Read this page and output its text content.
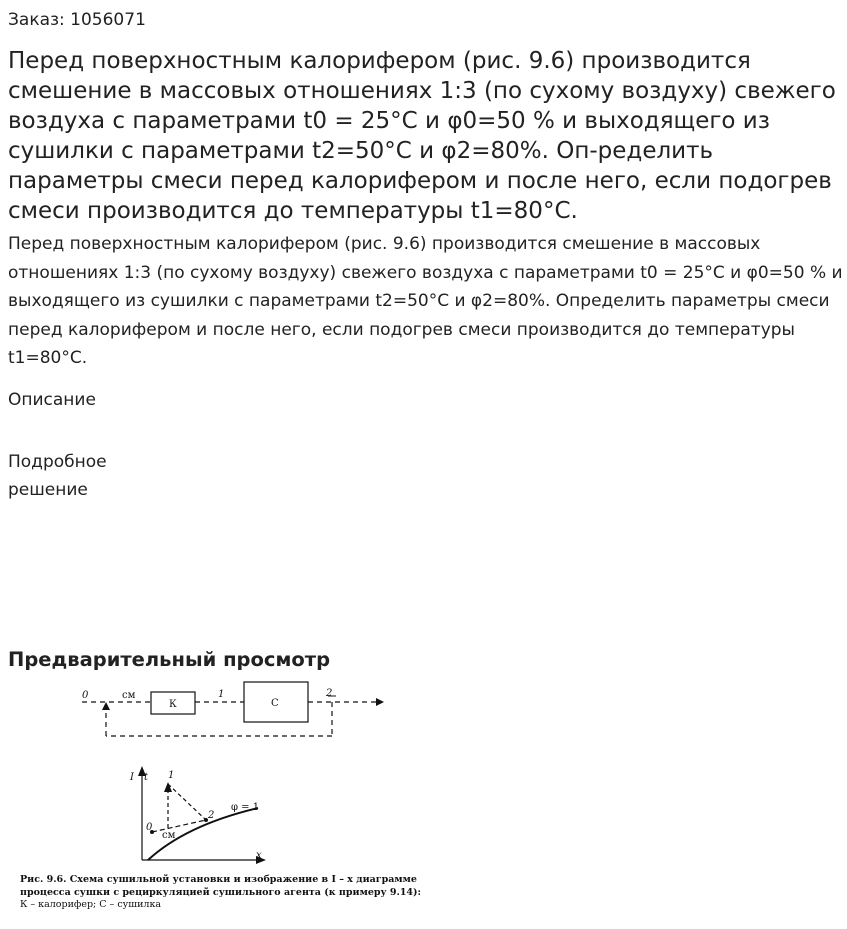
Заказ: 1056071
Перед поверхностным калорифером (рис. 9.6) производится смешение в массовых отношениях 1:3 (по сухому воздуху) свежего воздуха с параметрами t0 = 25°С и φ0=50 % и выходящего из сушилки с параметрами t2=50°С и φ2=80%. Оп-ределить параметры смеси перед калорифером и после него, если подогрев смеси производится до температуры t1=80°С.

Перед поверхностным калорифером (рис. 9.6) производится смешение в массовых отношениях 1:3 (по сухому воздуху) свежего воздуха с параметрами t0 = 25°С и φ0=50 % и выходящего из сушилки с параметрами t2=50°С и φ2=80%. Определить параметры смеси перед калорифером и после него, если подогрев смеси производится до температуры t1=80°С.

Описание
Подробное решение
Предварительный просмотр
0	см
К
1
С
2
I t
x
0
1
2
см
φ = 1
Рис. 9.6. Схема сушильной установки и изображение в I – x диаграмме процесса сушки с рециркуляцией сушильного агента (к примеру 9.14):
К – калорифер; С – сушилка
